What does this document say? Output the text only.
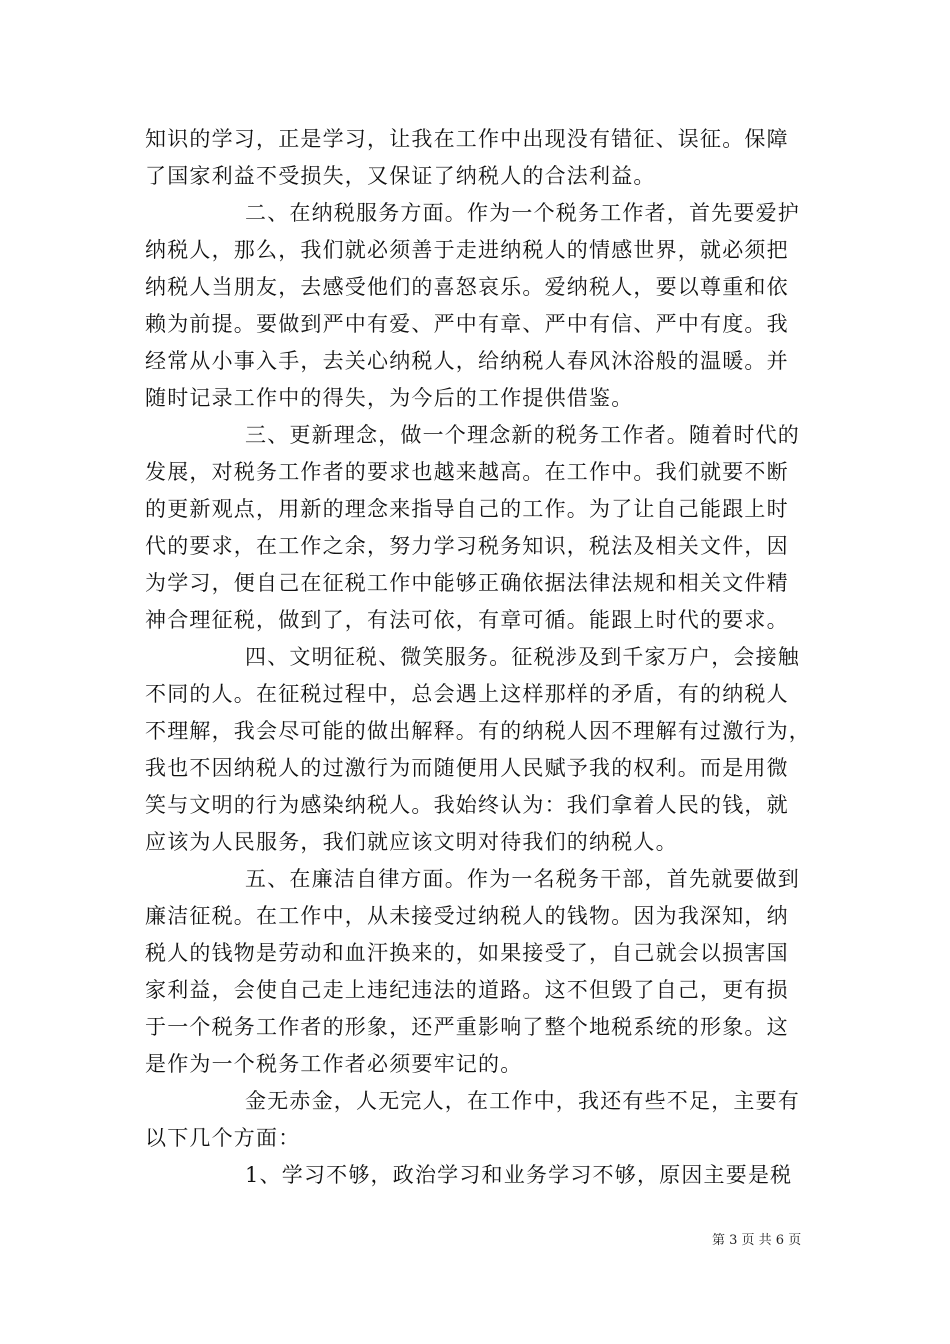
知识的学习，正是学习，让我在工作中出现没有错征、误征。保障
了国家利益不受损失，又保证了纳税人的合法利益。
二、在纳税服务方面。作为一个税务工作者，首先要爱护
纳税人，那么，我们就必须善于走进纳税人的情感世界，就必须把
纳税人当朋友，去感受他们的喜怒哀乐。爱纳税人，要以尊重和依
赖为前提。要做到严中有爱、严中有章、严中有信、严中有度。我
经常从小事入手，去关心纳税人，给纳税人春风沐浴般的温暖。并
随时记录工作中的得失，为今后的工作提供借鉴。
三、更新理念，做一个理念新的税务工作者。随着时代的
发展，对税务工作者的要求也越来越高。在工作中。我们就要不断
的更新观点，用新的理念来指导自己的工作。为了让自己能跟上时
代的要求，在工作之余，努力学习税务知识，税法及相关文件，因
为学习，便自己在征税工作中能够正确依据法律法规和相关文件精
神合理征税，做到了，有法可依，有章可循。能跟上时代的要求。
四、文明征税、微笑服务。征税涉及到千家万户，会接触
不同的人。在征税过程中，总会遇上这样那样的矛盾，有的纳税人
不理解，我会尽可能的做出解释。有的纳税人因不理解有过激行为，
我也不因纳税人的过激行为而随便用人民赋予我的权利。而是用微
笑与文明的行为感染纳税人。我始终认为：我们拿着人民的钱，就
应该为人民服务，我们就应该文明对待我们的纳税人。
五、在廉洁自律方面。作为一名税务干部，首先就要做到
廉洁征税。在工作中，从未接受过纳税人的钱物。因为我深知，纳
税人的钱物是劳动和血汗换来的，如果接受了，自己就会以损害国
家利益，会使自己走上违纪违法的道路。这不但毁了自己，更有损
于一个税务工作者的形象，还严重影响了整个地税系统的形象。这
是作为一个税务工作者必须要牢记的。
金无赤金，人无完人，在工作中，我还有些不足，主要有
以下几个方面：
1、学习不够，政治学习和业务学习不够，原因主要是税
第 3 页 共 6 页
